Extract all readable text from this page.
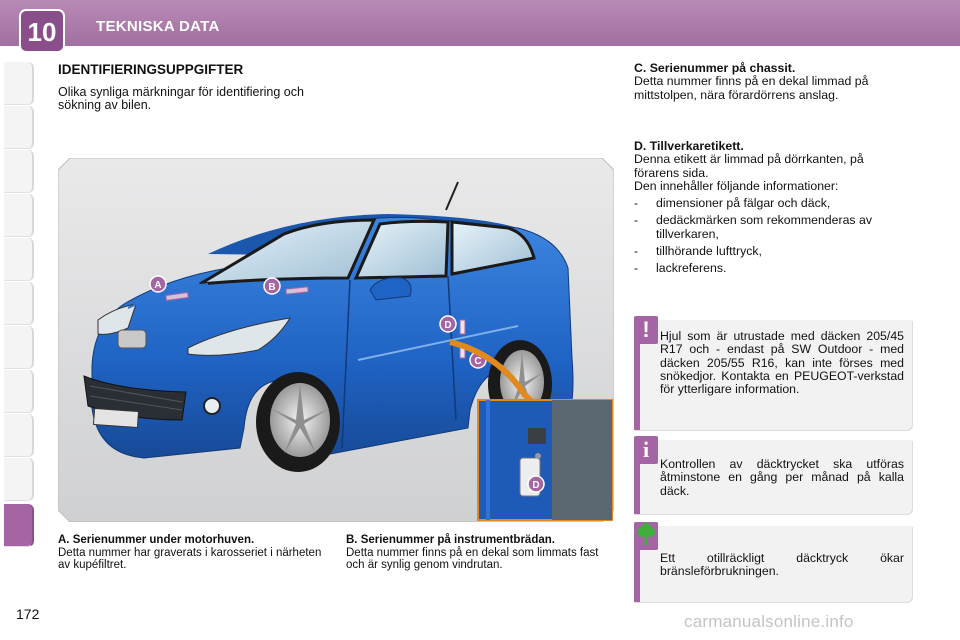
10	TEKNISKA DATA
IDENTIFIERINGSUPPGIFTER
Olika synliga märkningar för identifiering och sökning av bilen.
A	B
C
D
D
A. Serienummer under motorhuven.
Detta nummer har graverats i karosseriet i närheten av kupéfiltret.
B. Serienummer på instrumentbrädan.
Detta nummer finns på en dekal som limmats fast och är synlig genom vindrutan.
C. Serienummer på chassit.
Detta nummer finns på en dekal limmad på mittstolpen, nära förardörrens anslag.
D. Tillverkaretikett.
Denna etikett är limmad på dörrkanten, på förarens sida.
Den innehåller följande informationer:
- dimensioner på fälgar och däck,
- dedäckmärken som rekommenderas av tillverkaren,
- tillhörande lufttryck,
- lackreferens.
! Hjul som är utrustade med däcken 205/45 R17 och - endast på SW Outdoor - med däcken 205/55 R16, kan inte förses med snökedjor. Kontakta en PEUGEOT-verkstad för ytterligare information.
i
Kontrollen av däcktrycket ska utföras åtminstone en gång per månad på kalla däck.
Ett otillräckligt däcktryck ökar bränsleförbrukningen.
172	carmanualsonline.info
